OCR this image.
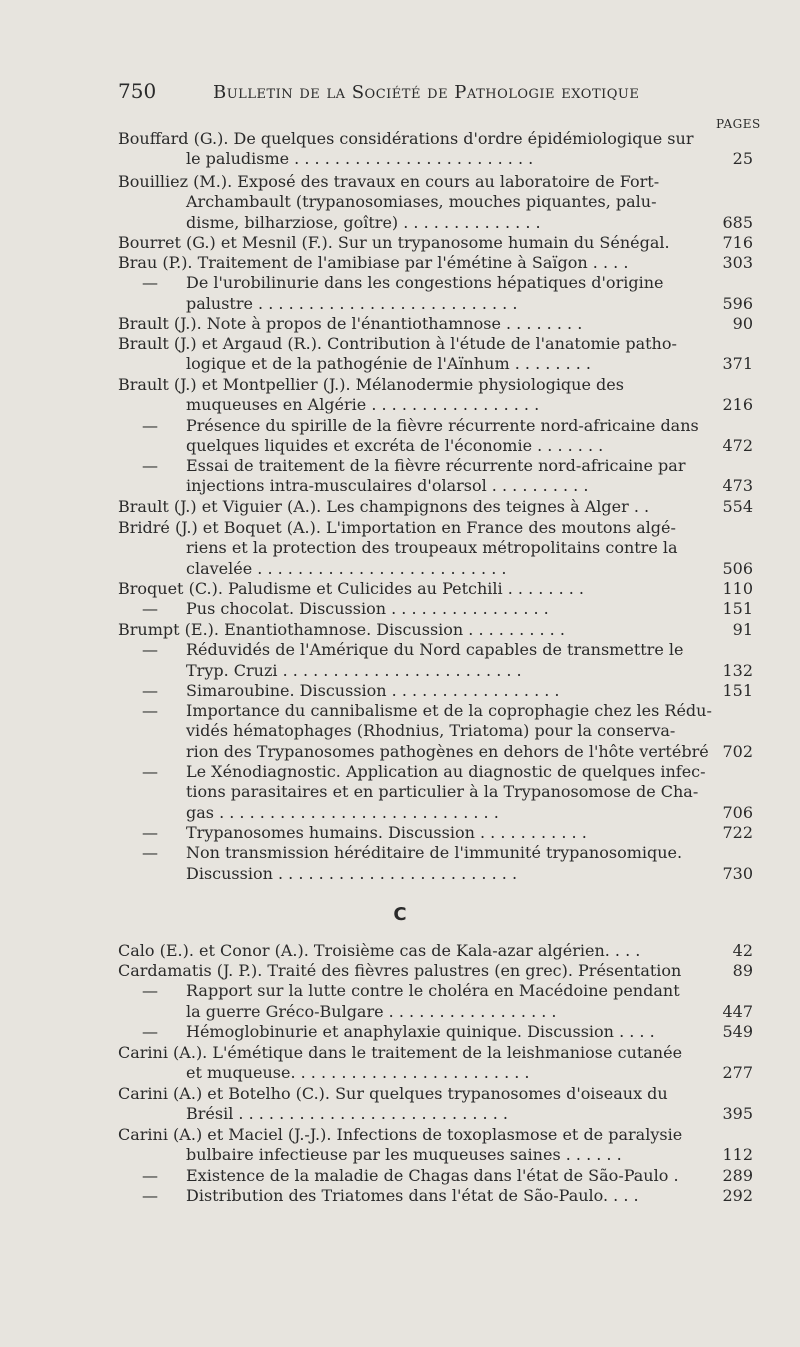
750	Bulletin de la Société de Pathologie exotique
PAGES
C
Bouffard (G.). De quelques considérations d'ordre épidémiologique sur
le paludisme . . . . . . . . . . . . . . . . . . . . . . . .	25
Bouilliez (M.). Exposé des travaux en cours au laboratoire de Fort-
Archambault (trypanosomiases, mouches piquantes, palu-
disme, bilharziose, goître) . . . . . . . . . . . . . .	685
Bourret (G.) et Mesnil (F.). Sur un trypanosome humain du Sénégal.	716
Brau (P.). Traitement de l'amibiase par l'émétine à Saïgon . . . .	303
— De l'urobilinurie dans les congestions hépatiques d'origine
palustre . . . . . . . . . . . . . . . . . . . . . . . . . .	596
Brault (J.). Note à propos de l'énantiothamnose . . . . . . . .	90
Brault (J.) et Argaud (R.). Contribution à l'étude de l'anatomie patho-
logique et de la pathogénie de l'Aïnhum . . . . . . . .	371
Brault (J.) et Montpellier (J.). Mélanodermie physiologique des
muqueuses en Algérie . . . . . . . . . . . . . . . . .	216
— Présence du spirille de la fièvre récurrente nord-africaine dans
quelques liquides et excréta de l'économie . . . . . . .	472
— Essai de traitement de la fièvre récurrente nord-africaine par
injections intra-musculaires d'olarsol . . . . . . . . . .	473
Brault (J.) et Viguier (A.). Les champignons des teignes à Alger . .	554
Bridré (J.) et Boquet (A.). L'importation en France des moutons algé-
riens et la protection des troupeaux métropolitains contre la
clavelée . . . . . . . . . . . . . . . . . . . . . . . . .	506
Broquet (C.). Paludisme et Culicides au Petchili . . . . . . . .	110
— Pus chocolat. Discussion . . . . . . . . . . . . . . . .	151
Brumpt (E.). Enantiothamnose. Discussion . . . . . . . . . .	91
— Réduvidés de l'Amérique du Nord capables de transmettre le
Tryp. Cruzi . . . . . . . . . . . . . . . . . . . . . . . .	132
— Simaroubine. Discussion . . . . . . . . . . . . . . . . .	151
— Importance du cannibalisme et de la coprophagie chez les Rédu-
vidés hématophages (Rhodnius, Triatoma) pour la conserva-
rion des Trypanosomes pathogènes en dehors de l'hôte vertébré 702
— Le Xénodiagnostic. Application au diagnostic de quelques infec-
tions parasitaires et en particulier à la Trypanosomose de Cha-
gas . . . . . . . . . . . . . . . . . . . . . . . . . . . .	706
— Trypanosomes humains. Discussion . . . . . . . . . . .	722
— Non transmission héréditaire de l'immunité trypanosomique.
Discussion . . . . . . . . . . . . . . . . . . . . . . . .	730
Calo (E.). et Conor (A.). Troisième cas de Kala-azar algérien. . . .	42
Cardamatis (J. P.). Traité des fièvres palustres (en grec). Présentation	89
— Rapport sur la lutte contre le choléra en Macédoine pendant
la guerre Gréco-Bulgare . . . . . . . . . . . . . . . . .	447
— Hémoglobinurie et anaphylaxie quinique. Discussion . . . .	549
Carini (A.). L'émétique dans le traitement de la leishmaniose cutanée
et muqueuse. . . . . . . . . . . . . . . . . . . . . . . .	277
Carini (A.) et Botelho (C.). Sur quelques trypanosomes d'oiseaux du
Brésil . . . . . . . . . . . . . . . . . . . . . . . . . . .	395
Carini (A.) et Maciel (J.-J.). Infections de toxoplasmose et de paralysie
bulbaire infectieuse par les muqueuses saines . . . . . .	112
— Existence de la maladie de Chagas dans l'état de São-Paulo .	289
— Distribution des Triatomes dans l'état de São-Paulo. . . .	292
